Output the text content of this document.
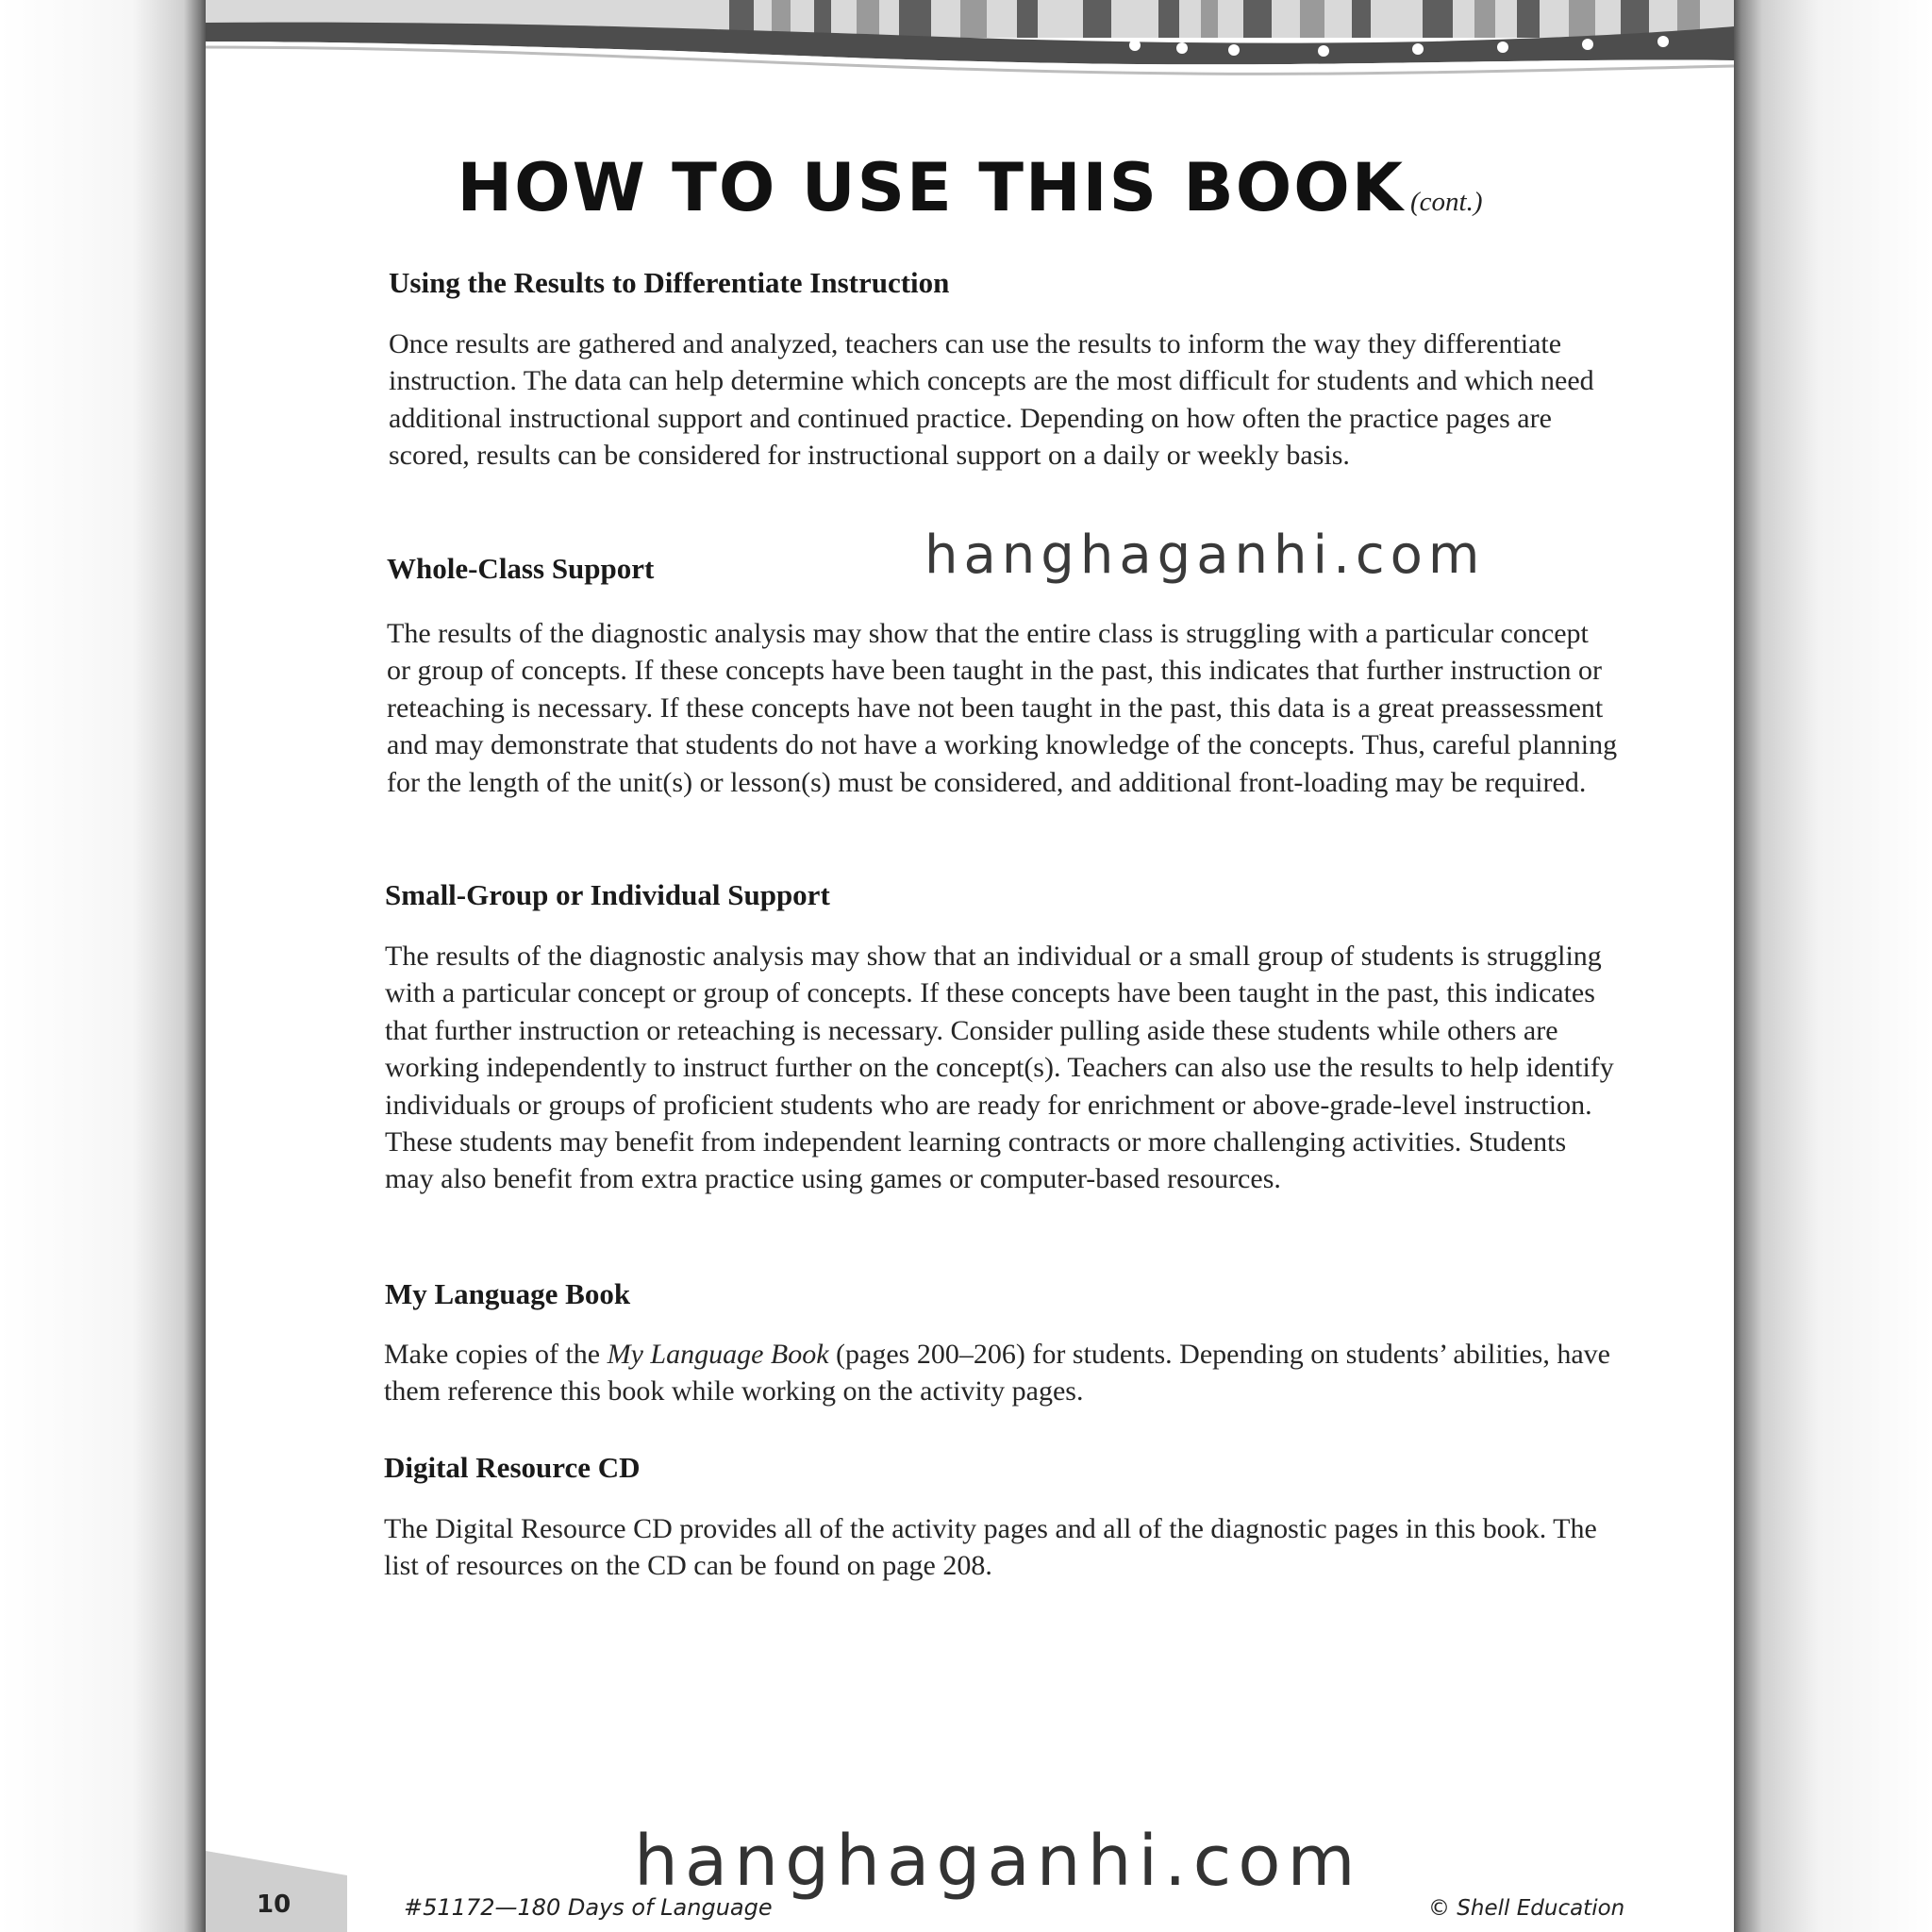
HOW TO USE THIS BOOK (cont.)
Using the Results to Differentiate Instruction

Once results are gathered and analyzed, teachers can use the results to inform the way they differentiate instruction. The data can help determine which concepts are the most difficult for students and which need additional instructional support and continued practice. Depending on how often the practice pages are scored, results can be considered for instructional support on a daily or weekly basis.

Whole-Class Support

The results of the diagnostic analysis may show that the entire class is struggling with a particular concept or group of concepts. If these concepts have been taught in the past, this indicates that further instruction or reteaching is necessary. If these concepts have not been taught in the past, this data is a great preassessment and may demonstrate that students do not have a working knowledge of the concepts. Thus, careful planning for the length of the unit(s) or lesson(s) must be considered, and additional front-loading may be required.

Small-Group or Individual Support

The results of the diagnostic analysis may show that an individual or a small group of students is struggling with a particular concept or group of concepts. If these concepts have been taught in the past, this indicates that further instruction or reteaching is necessary. Consider pulling aside these students while others are working independently to instruct further on the concept(s). Teachers can also use the results to help identify individuals or groups of proficient students who are ready for enrichment or above-grade-level instruction. These students may benefit from independent learning contracts or more challenging activities. Students may also benefit from extra practice using games or computer-based resources.

My Language Book

Make copies of the My Language Book (pages 200–206) for students. Depending on students’ abilities, have them reference this book while working on the activity pages.

Digital Resource CD

The Digital Resource CD provides all of the activity pages and all of the diagnostic pages in this book. The list of resources on the CD can be found on page 208.

10	#51172—180 Days of Language	© Shell Education
hanghaganhi.com
hanghaganhi.com
